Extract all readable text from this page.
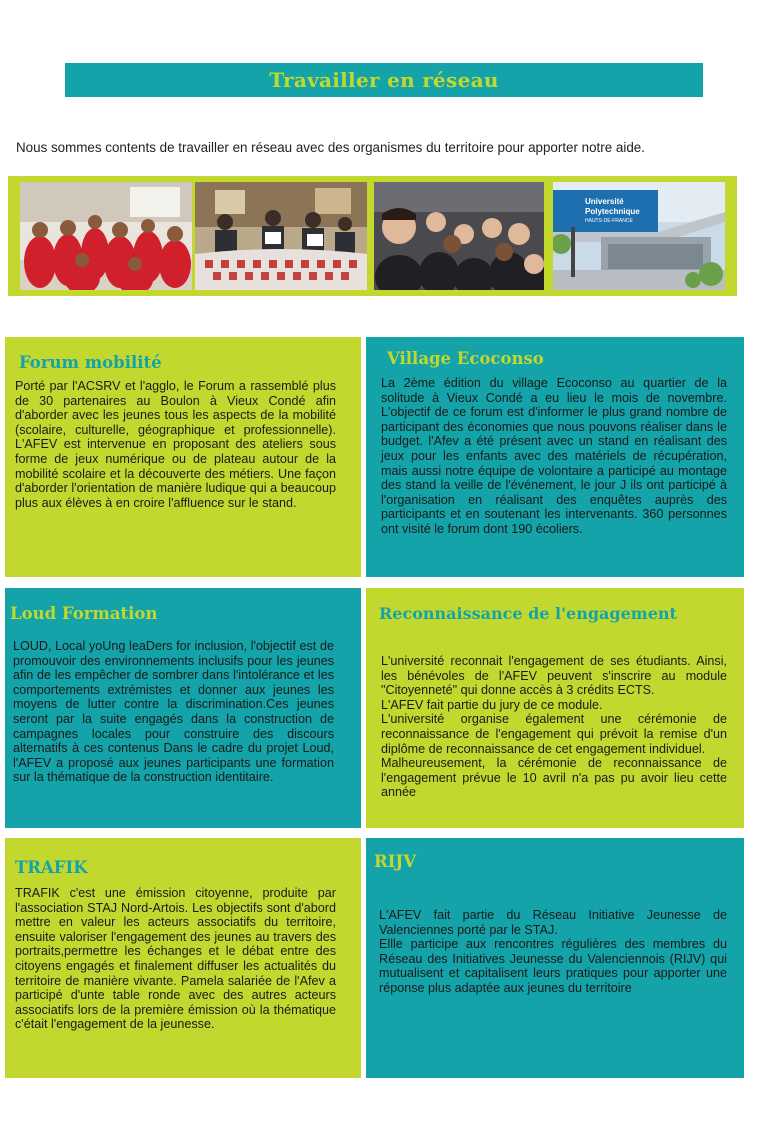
Travailler en réseau
Nous sommes contents de travailler en réseau avec des organismes du territoire pour apporter notre aide.
Université
Polytechnique
HAUTS-DE-FRANCE
Forum mobilité
Porté par l'ACSRV et l'agglo, le Forum a rassemblé plus de 30 partenaires au Boulon à Vieux Condé afin d'aborder avec les jeunes tous les aspects de la mobilité (scolaire, culturelle, géographique et professionnelle). L'AFEV est intervenue en proposant des ateliers sous forme de jeux numérique ou de plateau autour de la mobilité scolaire et la découverte des métiers. Une façon d'aborder l'orientation de manière ludique qui a beaucoup plus aux élèves à en croire l'affluence sur le stand.
Village Ecoconso
La 2ème édition du village Ecoconso au quartier de la solitude à Vieux Condé a eu lieu le mois de novembre. L'objectif de ce forum est d'informer le plus grand nombre de participant des économies que nous pouvons réaliser dans le budget. l'Afev a été présent avec un stand en réalisant des jeux pour les enfants avec des matériels de récupération, mais aussi notre équipe de volontaire a participé au montage des stand la veille de l'événement, le jour J ils ont participé à l'organisation en réalisant des enquêtes auprès des participants et en soutenant les intervenants. 360 personnes ont visité le forum dont 190 écoliers.
Loud Formation
LOUD, Local yoUng leaDers for inclusion, l'objectif est de promouvoir des environnements inclusifs pour les jeunes afin de les empêcher de sombrer dans l'intolérance et les comportements extrémistes et donner aux jeunes les moyens de lutter contre la discrimination.Ces jeunes seront par la suite engagés dans la construction de campagnes locales pour construire des discours alternatifs à ces contenus Dans le cadre du projet Loud, l'AFEV a proposé aux jeunes participants une formation sur la thématique de la construction identitaire.
Reconnaissance de l'engagement
L'université reconnait l'engagement de ses étudiants. Ainsi, les bénévoles de l'AFEV peuvent s'inscrire au module "Citoyenneté" qui donne accès à 3 crédits ECTS.
L'AFEV fait partie du jury de ce module.
L'université organise également une cérémonie de reconnaissance de l'engagement qui prévoit la remise d'un diplôme de reconnaissance de cet engagement individuel.
Malheureusement, la cérémonie de reconnaissance de l'engagement prévue le 10 avril n'a pas pu avoir lieu cette année
TRAFIK
TRAFIK c'est une émission citoyenne, produite par l'association STAJ Nord-Artois. Les objectifs sont d'abord mettre en valeur les acteurs associatifs du territoire, ensuite valoriser l'engagement des jeunes au travers des portraits,permettre les échanges et le débat entre des citoyens engagés et finalement diffuser les actualités du territoire de manière vivante. Pamela salariée de l'Afev a participé d'unte table ronde avec des autres acteurs associatifs lors de la première émission où la thématique c'était l'engagement de la jeunesse.
RIJV
L'AFEV fait partie du Réseau Initiative Jeunesse de Valenciennes porté par le STAJ.
Ellle participe aux rencontres régulières des membres du Réseau des Initiatives Jeunesse du Valenciennois (RIJV) qui mutualisent et capitalisent leurs pratiques pour apporter une réponse plus adaptée aux jeunes du territoire
